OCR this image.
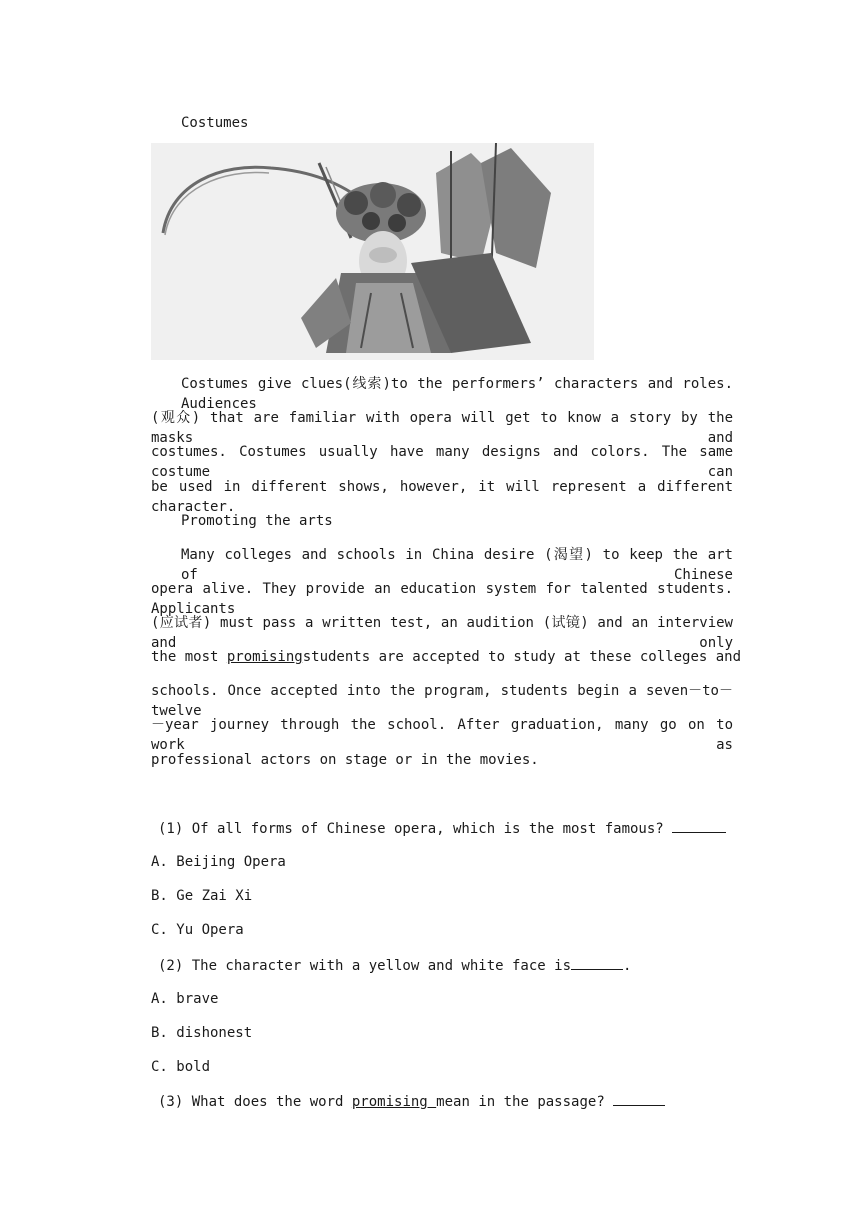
Costumes
Costumes give clues(线索)to the performers’ characters and roles. Audiences
(观众) that are familiar with opera will get to know a story by the masks and
costumes. Costumes usually have many designs and colors. The same costume can
be used in different shows, however, it will represent a different character.
Promoting the arts
Many colleges and schools in China desire (渴望) to keep the art of Chinese
opera alive. They provide an education system for talented students. Applicants
(应试者) must pass a written test, an audition (试镜) and an interview and only
the most promising students are accepted to study at these colleges and
schools. Once accepted into the program, students begin a seven－to－twelve
－year journey through the school. After graduation, many go on to work as
professional actors on stage or in the movies.
(1) Of all forms of Chinese opera, which is the most famous?
A. Beijing Opera
B. Ge Zai Xi
C. Yu Opera
(2) The character with a yellow and white face is	.
A. brave
B. dishonest
C. bold
(3) What does the word promising mean in the passage?
